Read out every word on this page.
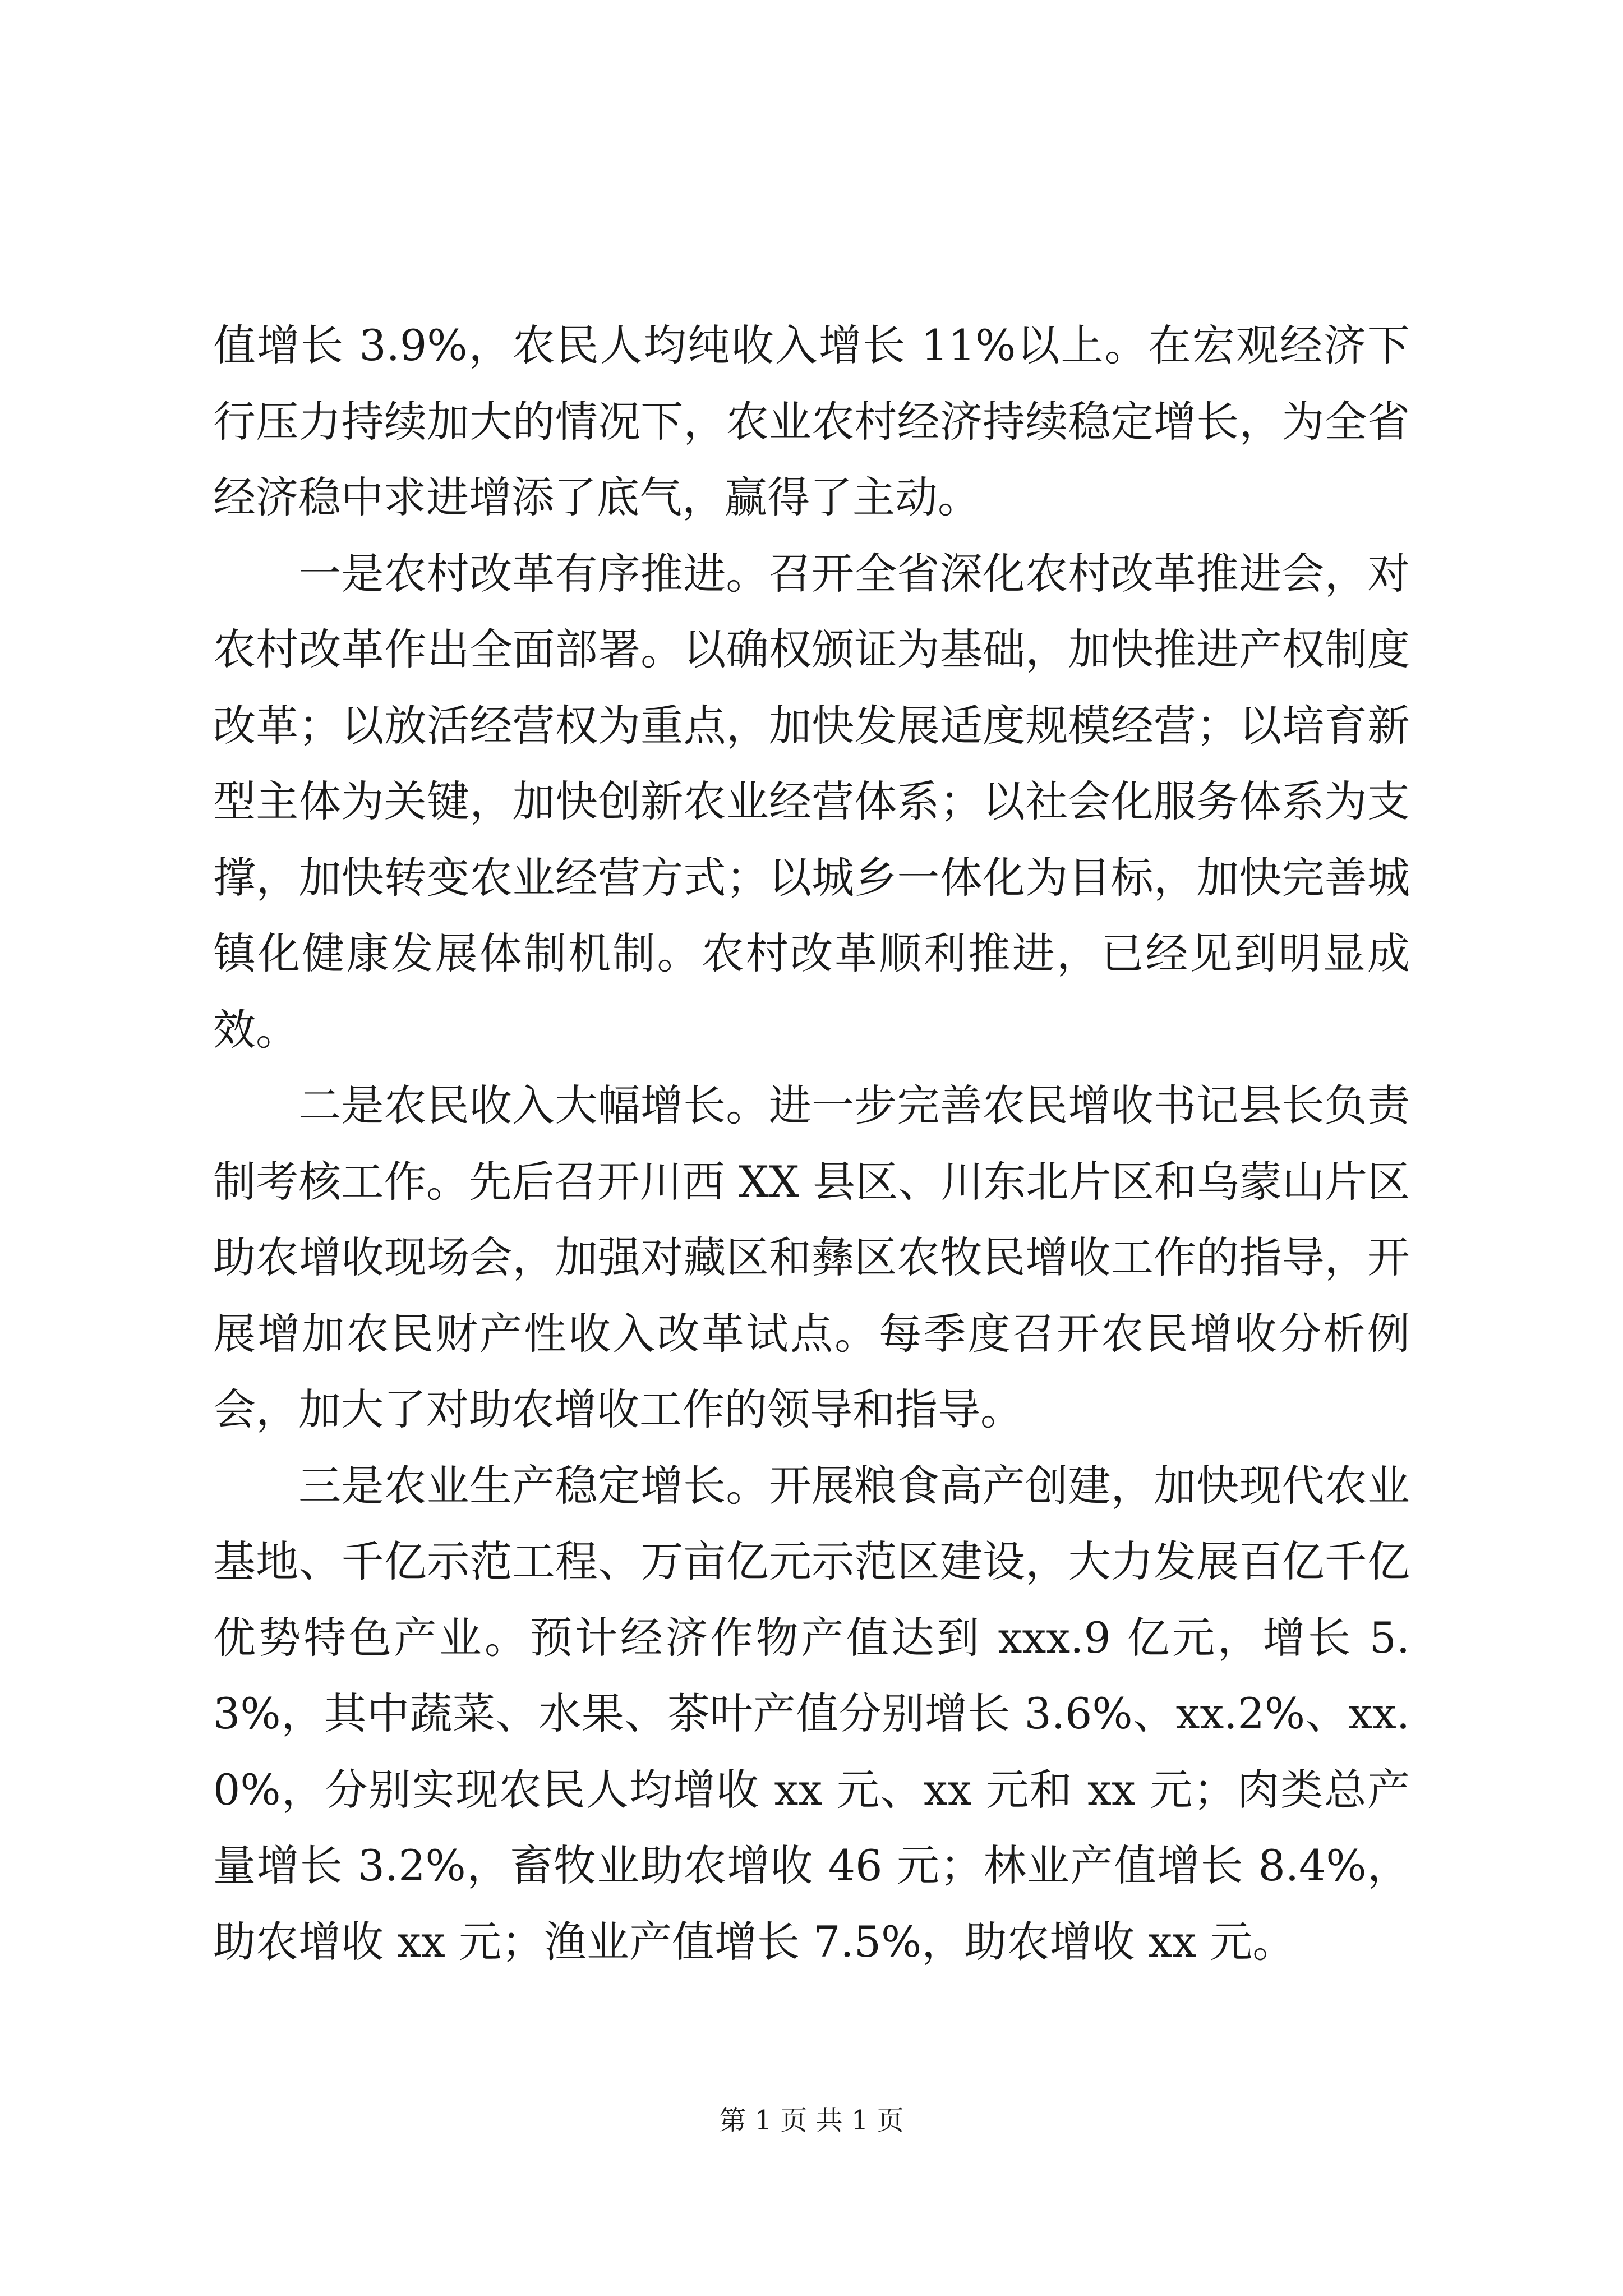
值增长 3.9%，农民人均纯收入增长 11%以上。在宏观经济下行压力持续加大的情况下，农业农村经济持续稳定增长，为全省经济稳中求进增添了底气，赢得了主动。

一是农村改革有序推进。召开全省深化农村改革推进会，对农村改革作出全面部署。以确权颁证为基础，加快推进产权制度改革；以放活经营权为重点，加快发展适度规模经营；以培育新型主体为关键，加快创新农业经营体系；以社会化服务体系为支撑，加快转变农业经营方式；以城乡一体化为目标，加快完善城镇化健康发展体制机制。农村改革顺利推进，已经见到明显成效。

二是农民收入大幅增长。进一步完善农民增收书记县长负责制考核工作。先后召开川西 XX 县区、川东北片区和乌蒙山片区助农增收现场会，加强对藏区和彝区农牧民增收工作的指导，开展增加农民财产性收入改革试点。每季度召开农民增收分析例会，加大了对助农增收工作的领导和指导。

三是农业生产稳定增长。开展粮食高产创建，加快现代农业基地、千亿示范工程、万亩亿元示范区建设，大力发展百亿千亿优势特色产业。预计经济作物产值达到 xxx.9 亿元，增长 5.3%，其中蔬菜、水果、茶叶产值分别增长 3.6%、xx.2%、xx.0%，分别实现农民人均增收 xx 元、xx 元和 xx 元；肉类总产量增长 3.2%，畜牧业助农增收 46 元；林业产值增长 8.4%，助农增收 xx 元；渔业产值增长 7.5%，助农增收 xx 元。

第 1 页 共 1 页
